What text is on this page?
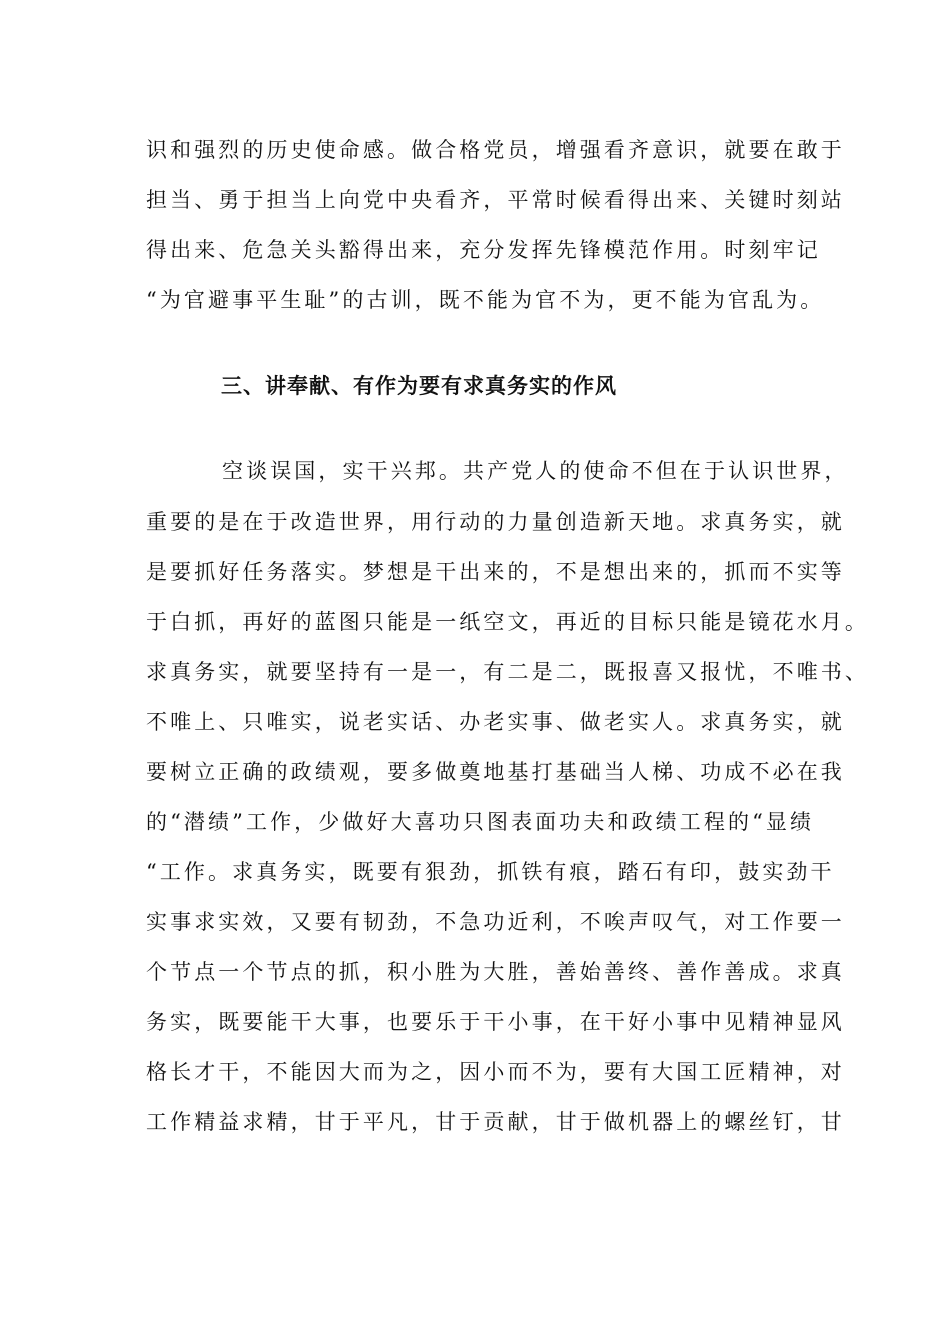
识和强烈的历史使命感。做合格党员，增强看齐意识，就要在敢于
担当、勇于担当上向党中央看齐，平常时候看得出来、关键时刻站
得出来、危急关头豁得出来，充分发挥先锋模范作用。时刻牢记
“为官避事平生耻”的古训，既不能为官不为，更不能为官乱为。
三、讲奉献、有作为要有求真务实的作风
空谈误国，实干兴邦。共产党人的使命不但在于认识世界，
重要的是在于改造世界，用行动的力量创造新天地。求真务实，就
是要抓好任务落实。梦想是干出来的，不是想出来的，抓而不实等
于白抓，再好的蓝图只能是一纸空文，再近的目标只能是镜花水月。
求真务实，就要坚持有一是一，有二是二，既报喜又报忧，不唯书、
不唯上、只唯实，说老实话、办老实事、做老实人。求真务实，就
要树立正确的政绩观，要多做奠地基打基础当人梯、功成不必在我
的“潜绩”工作，少做好大喜功只图表面功夫和政绩工程的“显绩
“工作。求真务实，既要有狠劲，抓铁有痕，踏石有印，鼓实劲干
实事求实效，又要有韧劲，不急功近利，不唉声叹气，对工作要一
个节点一个节点的抓，积小胜为大胜，善始善终、善作善成。求真
务实，既要能干大事，也要乐于干小事，在干好小事中见精神显风
格长才干，不能因大而为之，因小而不为，要有大国工匠精神，对
工作精益求精，甘于平凡，甘于贡献，甘于做机器上的螺丝钉，甘
